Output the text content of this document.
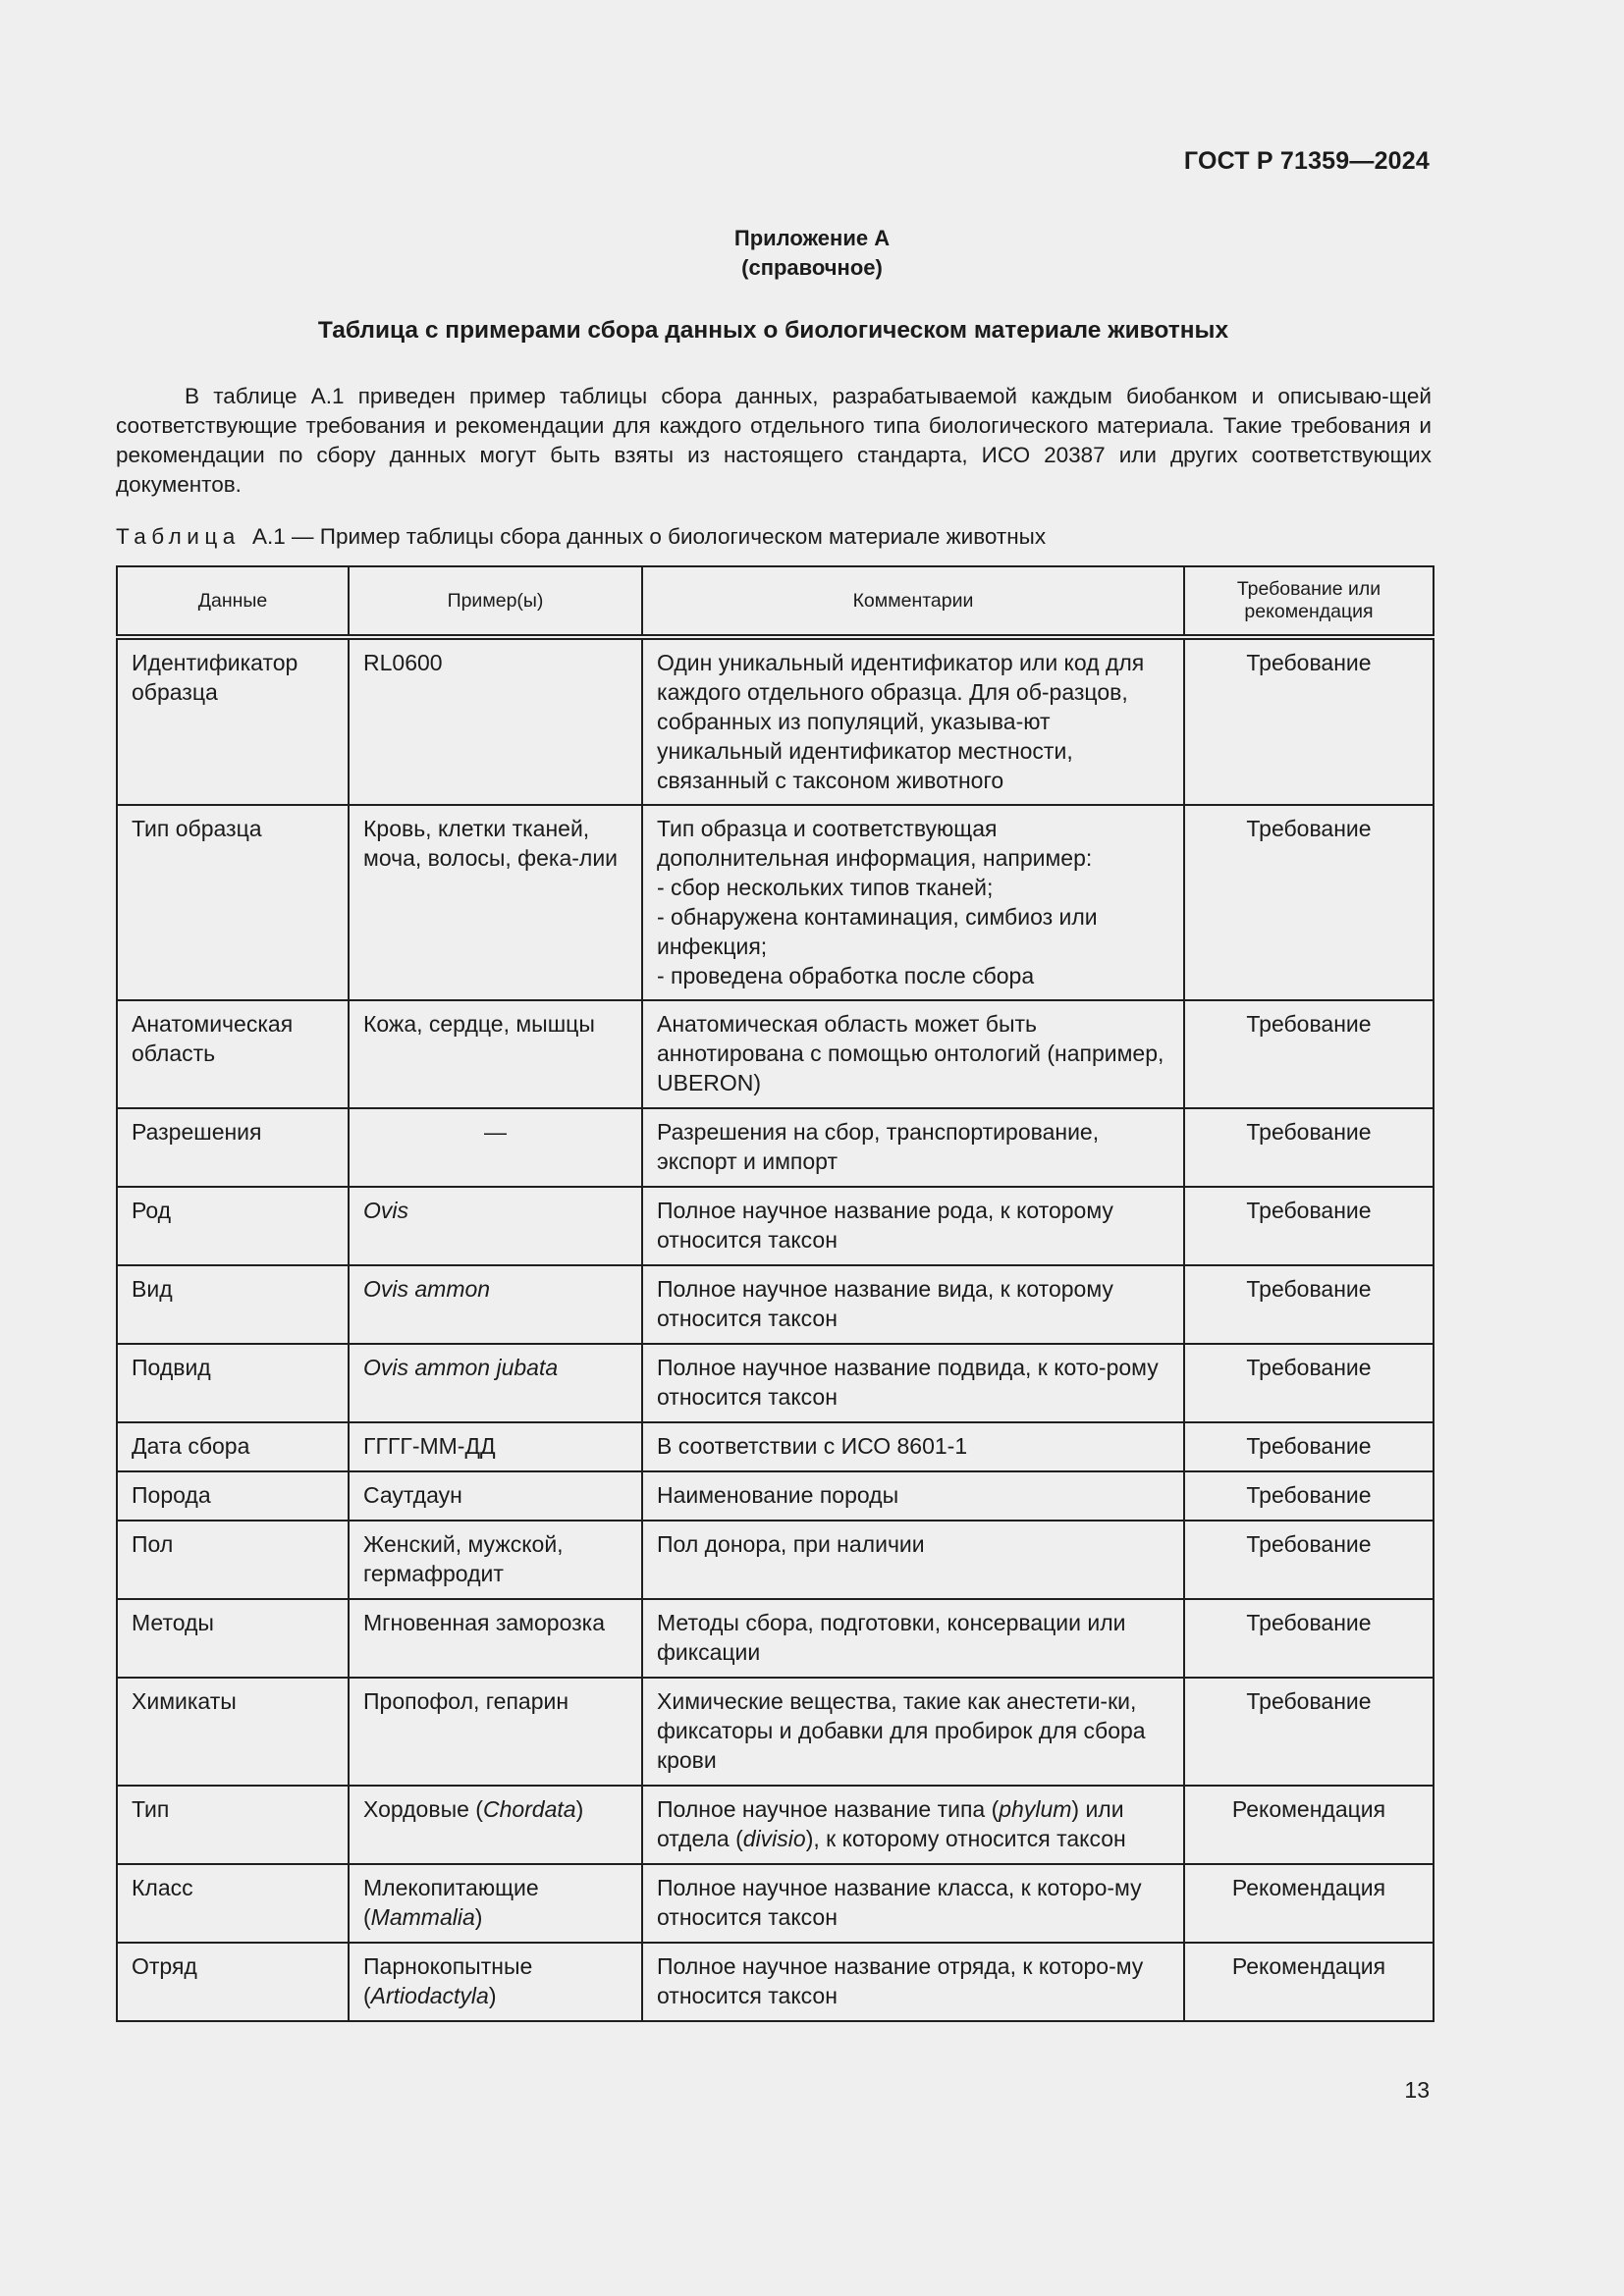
ГОСТ Р 71359—2024
Приложение А
(справочное)
Таблица с примерами сбора данных о биологическом материале животных

В таблице А.1 приведен пример таблицы сбора данных, разрабатываемой каждым биобанком и описываю-щей соответствующие требования и рекомендации для каждого отдельного типа биологического материала. Такие требования и рекомендации по сбору данных могут быть взяты из настоящего стандарта, ИСО 20387 или других соответствующих документов.

Таблица А.1 — Пример таблицы сбора данных о биологическом материале животных
Данные	Пример(ы)	Комментарии	Требование или рекомендация
Идентификатор образца	RL0600	Один уникальный идентификатор или код для каждого отдельного образца. Для об-разцов, собранных из популяций, указыва-ют уникальный идентификатор местности, связанный с таксоном животного	Требование
Тип образца	Кровь, клетки тканей, моча, волосы, фека-лии	Тип образца и соответствующая дополнительная информация, например:
- сбор нескольких типов тканей;
- обнаружена контаминация, симбиоз или инфекция;
- проведена обработка после сбора	Требование
Анатомическая область	Кожа, сердце, мышцы	Анатомическая область может быть аннотирована с помощью онтологий (например, UBERON)	Требование
Разрешения	—	Разрешения на сбор, транспортирование, экспорт и импорт	Требование
Род	Ovis	Полное научное название рода, к которому относится таксон	Требование
Вид	Ovis ammon	Полное научное название вида, к которому относится таксон	Требование
Подвид	Ovis ammon jubata	Полное научное название подвида, к кото-рому относится таксон	Требование
Дата сбора	ГГГГ-ММ-ДД	В соответствии с ИСО 8601-1	Требование
Порода	Саутдаун	Наименование породы	Требование
Пол	Женский, мужской, гермафродит	Пол донора, при наличии	Требование
Методы	Мгновенная заморозка	Методы сбора, подготовки, консервации или фиксации	Требование
Химикаты	Пропофол, гепарин	Химические вещества, такие как анестети-ки, фиксаторы и добавки для пробирок для сбора крови	Требование
Тип	Хордовые (Chordata)	Полное научное название типа (phylum) или отдела (divisio), к которому относится таксон	Рекомендация
Класс	Млекопитающие (Mammalia)	Полное научное название класса, к которо-му относится таксон	Рекомендация
Отряд	Парнокопытные (Artiodactyla)	Полное научное название отряда, к которо-му относится таксон	Рекомендация
13
